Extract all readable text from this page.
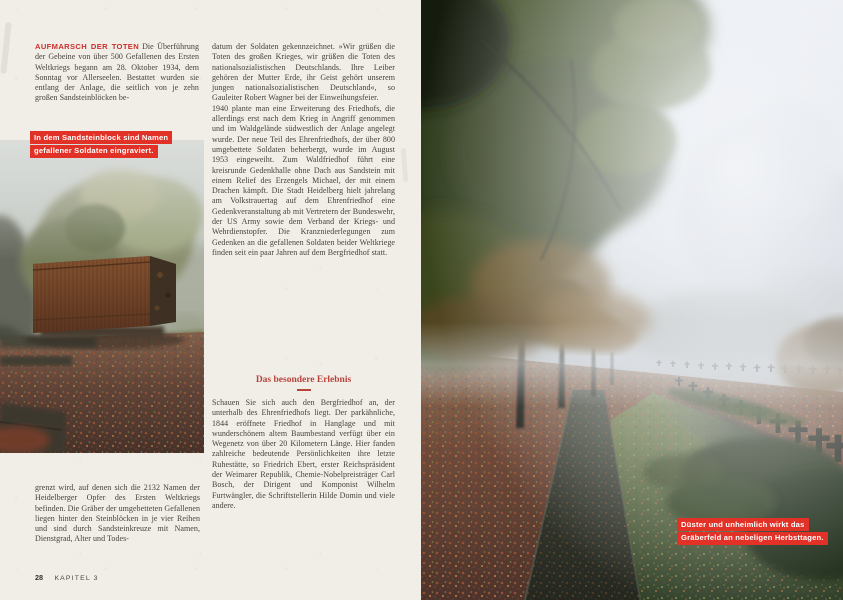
AUFMARSCH DER TOTEN Die Überführung der Gebeine von über 500 Gefallenen des Ersten Weltkriegs begann am 28. Oktober 1934, dem Sonntag vor Allerseelen. Bestattet wurden sie entlang der Anlage, die seitlich von je zehn großen Sandsteinblöcken be-
In dem Sandsteinblock sind Namen
gefallener Soldaten eingraviert.
grenzt wird, auf denen sich die 2132 Namen der Heidelberger Opfer des Ersten Weltkriegs befinden. Die Gräber der umgebetteten Gefallenen liegen hinter den Steinblöcken in je vier Reihen und sind durch Sandsteinkreuze mit Namen, Dienstgrad, Alter und Todes-
datum der Soldaten gekennzeichnet. »Wir grüßen die Toten des großen Krieges, wir grüßen die Toten des nationalsozialistischen Deutschlands. Ihre Leiber gehören der Mutter Erde, ihr Geist gehört unserem jungen nationalsozialistischen Deutschland«, so Gauleiter Robert Wagner bei der Einweihungsfeier.
1940 plante man eine Erweiterung des Friedhofs, die allerdings erst nach dem Krieg in Angriff genommen und im Waldgelände südwestlich der Anlage angelegt wurde. Der neue Teil des Ehrenfriedhofs, der über 800 umgebettete Soldaten beherbergt, wurde im August 1953 eingeweiht. Zum Waldfriedhof führt eine kreisrunde Gedenkhalle ohne Dach aus Sandstein mit einem Relief des Erzengels Michael, der mit einem Drachen kämpft. Die Stadt Heidelberg hielt jahrelang am Volkstrauertag auf dem Ehrenfriedhof eine Gedenkveranstaltung ab mit Vertretern der Bundeswehr, der US Army sowie dem Verband der Kriegs- und Wehrdienstopfer. Die Kranzniederlegungen zum Gedenken an die gefallenen Soldaten beider Weltkriege finden seit ein paar Jahren auf dem Bergfriedhof statt.
Das besondere Erlebnis
Schauen Sie sich auch den Bergfriedhof an, der unterhalb des Ehrenfriedhofs liegt. Der parkähnliche, 1844 eröffnete Friedhof in Hanglage und mit wunderschönem altem Baumbestand verfügt über ein Wegenetz von über 20 Kilometern Länge. Hier fanden zahlreiche bedeutende Persönlichkeiten ihre letzte Ruhestätte, so Friedrich Ebert, erster Reichspräsident der Weimarer Republik, Chemie-Nobelpreisträger Carl Bosch, der Dirigent und Komponist Wilhelm Furtwängler, die Schriftstellerin Hilde Domin und viele andere.
28 KAPITEL 3
Düster und unheimlich wirkt das
Gräberfeld an nebeligen Herbsttagen.
